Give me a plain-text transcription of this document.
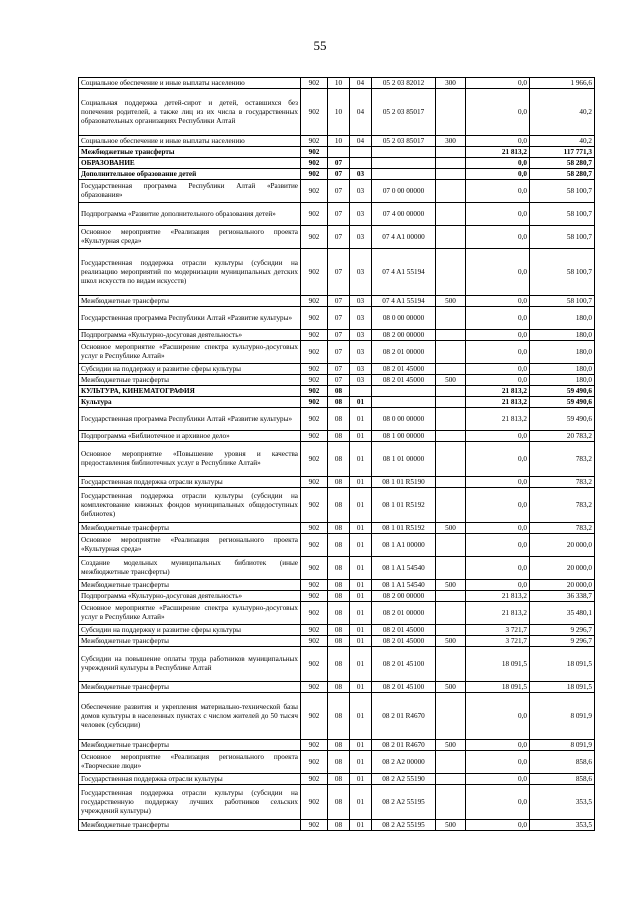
55
Социальное обеспечение и иные выплаты населению	902	10	04	05 2 03 82012	300	0,0	1 966,6
Социальная поддержка детей-сирот и детей, оставшихся без попечения родителей, а также лиц из их числа в государственных образовательных организациях Республики Алтай	902	10	04	05 2 03 85017		0,0	40,2
Социальное обеспечение и иные выплаты населению	902	10	04	05 2 03 85017	300	0,0	40,2
Межбюджетные трансферты	902					21 813,2	117 771,3
ОБРАЗОВАНИЕ	902	07				0,0	58 280,7
Дополнительное образование детей	902	07	03			0,0	58 280,7
Государственная программа Республики Алтай «Развитие образования»	902	07	03	07 0 00 00000		0,0	58 100,7
Подпрограмма «Развитие дополнительного образования детей»	902	07	03	07 4 00 00000		0,0	58 100,7
Основное мероприятие «Реализация регионального проекта «Культурная среда»	902	07	03	07 4 A1 00000		0,0	58 100,7
Государственная поддержка отрасли культуры (субсидии на реализацию мероприятий по модернизации муниципальных детских школ искусств по видам искусств)	902	07	03	07 4 A1 55194		0,0	58 100,7
Межбюджетные трансферты	902	07	03	07 4 A1 55194	500	0,0	58 100,7
Государственная программа Республики Алтай «Развитие культуры»	902	07	03	08 0 00 00000		0,0	180,0
Подпрограмма «Культурно-досуговая деятельность»	902	07	03	08 2 00 00000		0,0	180,0
Основное мероприятие «Расширение спектра культурно-досуговых услуг в Республике Алтай»	902	07	03	08 2 01 00000		0,0	180,0
Субсидии на поддержку и развитие сферы культуры	902	07	03	08 2 01 45000		0,0	180,0
Межбюджетные трансферты	902	07	03	08 2 01 45000	500	0,0	180,0
КУЛЬТУРА, КИНЕМАТОГРАФИЯ	902	08				21 813,2	59 490,6
Культура	902	08	01			21 813,2	59 490,6
Государственная программа Республики Алтай «Развитие культуры»	902	08	01	08 0 00 00000		21 813,2	59 490,6
Подпрограмма «Библиотечное и архивное дело»	902	08	01	08 1 00 00000		0,0	20 783,2
Основное мероприятие «Повышение уровня и качества предоставления библиотечных услуг в Республике Алтай»	902	08	01	08 1 01 00000		0,0	783,2
Государственная поддержка отрасли культуры	902	08	01	08 1 01 R5190		0,0	783,2
Государственная поддержка отрасли культуры (субсидии на комплектование книжных фондов муниципальных общедоступных библиотек)	902	08	01	08 1 01 R5192		0,0	783,2
Межбюджетные трансферты	902	08	01	08 1 01 R5192	500	0,0	783,2
Основное мероприятие «Реализация регионального проекта «Культурная среда»	902	08	01	08 1 A1 00000		0,0	20 000,0
Создание модельных муниципальных библиотек (иные межбюджетные трансферты)	902	08	01	08 1 A1 54540		0,0	20 000,0
Межбюджетные трансферты	902	08	01	08 1 A1 54540	500	0,0	20 000,0
Подпрограмма «Культурно-досуговая деятельность»	902	08	01	08 2 00 00000		21 813,2	36 338,7
Основное мероприятие «Расширение спектра культурно-досуговых услуг в Республике Алтай»	902	08	01	08 2 01 00000		21 813,2	35 480,1
Субсидии на поддержку и развитие сферы культуры	902	08	01	08 2 01 45000		3 721,7	9 296,7
Межбюджетные трансферты	902	08	01	08 2 01 45000	500	3 721,7	9 296,7
Субсидии на повышение оплаты труда работников муниципальных учреждений культуры в Республике Алтай	902	08	01	08 2 01 45100		18 091,5	18 091,5
Межбюджетные трансферты	902	08	01	08 2 01 45100	500	18 091,5	18 091,5
Обеспечение развития и укрепления материально-технической базы домов культуры в населенных пунктах с числом жителей до 50 тысяч человек (субсидии)	902	08	01	08 2 01 R4670		0,0	8 091,9
Межбюджетные трансферты	902	08	01	08 2 01 R4670	500	0,0	8 091,9
Основное мероприятие «Реализация регионального проекта «Творческие люди»	902	08	01	08 2 A2 00000		0,0	858,6
Государственная поддержка отрасли культуры	902	08	01	08 2 A2 55190		0,0	858,6
Государственная поддержка отрасли культуры (субсидии на государственную поддержку лучших работников сельских учреждений культуры)	902	08	01	08 2 A2 55195		0,0	353,5
Межбюджетные трансферты	902	08	01	08 2 A2 55195	500	0,0	353,5
